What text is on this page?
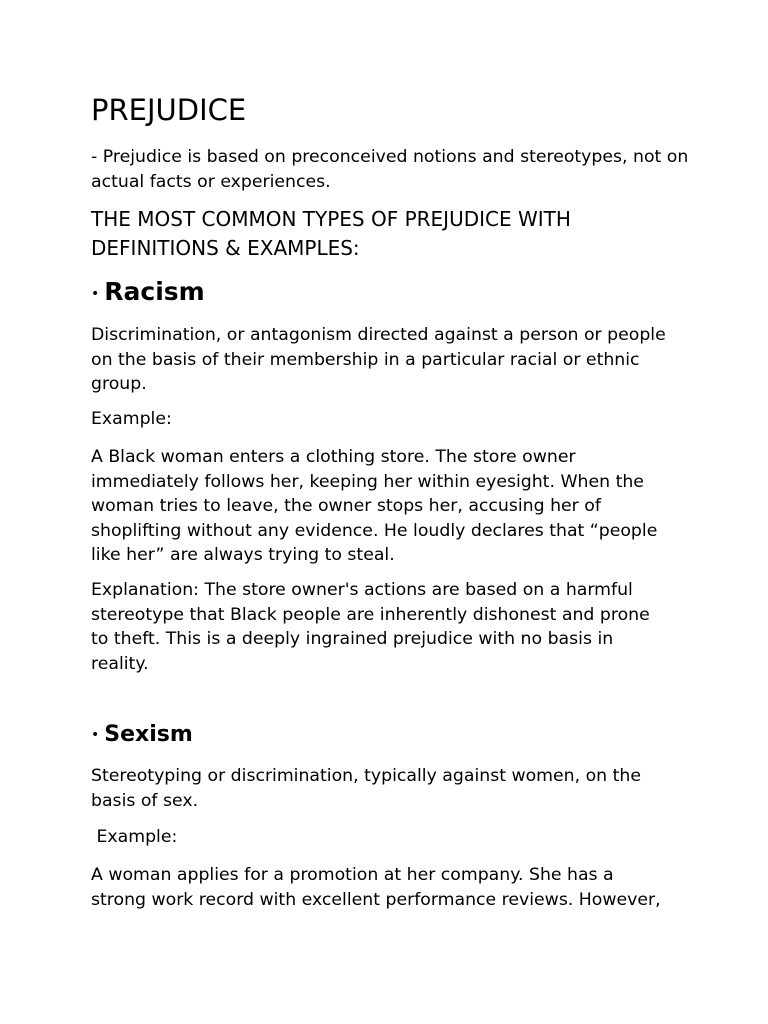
PREJUDICE

- Prejudice is based on preconceived notions and stereotypes, not on actual facts or experiences.

THE MOST COMMON TYPES OF PREJUDICE WITH
DEFINITIONS & EXAMPLES:
• Racism
Discrimination, or antagonism directed against a person or people
on the basis of their membership in a particular racial or ethnic
group.

Example:

A Black woman enters a clothing store. The store owner
immediately follows her, keeping her within eyesight. When the
woman tries to leave, the owner stops her, accusing her of
shoplifting without any evidence. He loudly declares that “people
like her” are always trying to steal.
Explanation: The store owner's actions are based on a harmful
stereotype that Black people are inherently dishonest and prone
to theft. This is a deeply ingrained prejudice with no basis in
reality.
• Sexism
Stereotyping or discrimination, typically against women, on the
basis of sex.

Example:

A woman applies for a promotion at her company. She has a
strong work record with excellent performance reviews. However,
